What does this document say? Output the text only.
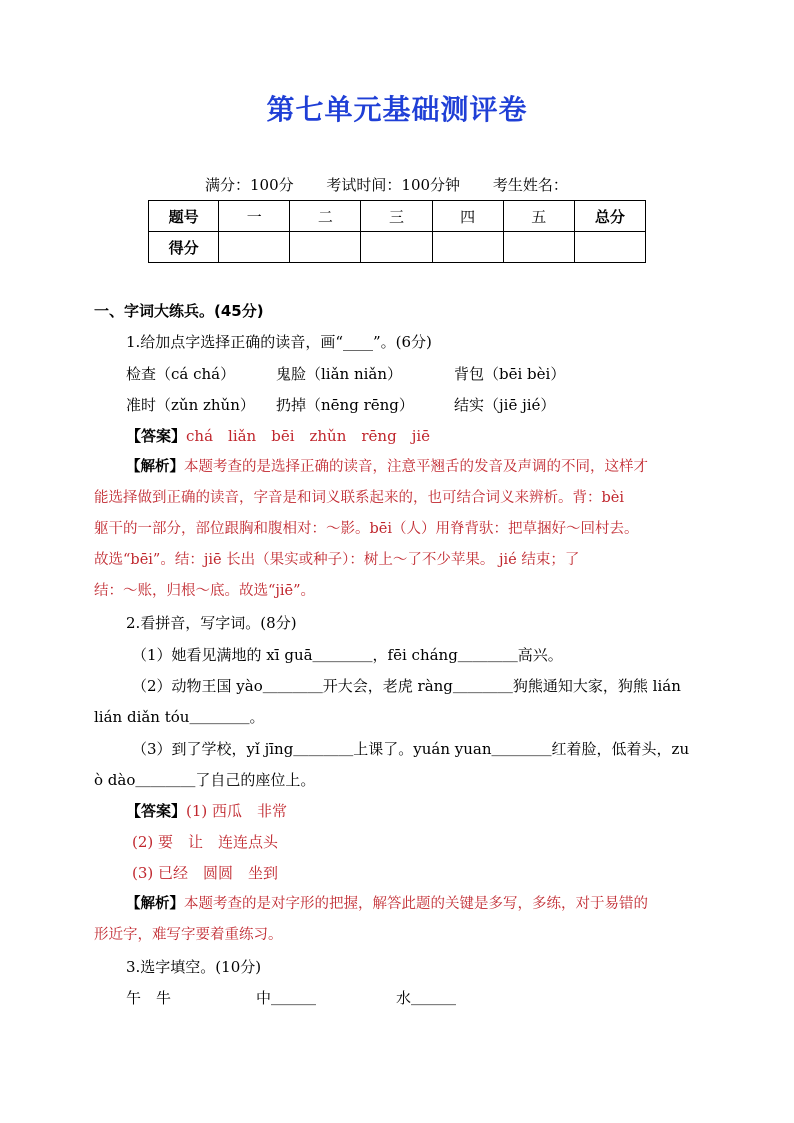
第七单元基础测评卷
满分：100分 考试时间：100分钟 考生姓名：
题号	一	二	三	四	五	总分
得分						
一、字词大练兵。(45分)
1.给加点字选择正确的读音，画“____”。(6分)
检查（cá chá）	鬼脸（liǎn niǎn）	背包（bēi bèi）
准时（zǔn zhǔn） 扔掉（nēng rēng）	结实（jiē jié）
【答案】chá　liǎn　bēi　zhǔn　rēng　jiē
【解析】本题考查的是选择正确的读音，注意平翘舌的发音及声调的不同，这样才
能选择做到正确的读音，字音是和词义联系起来的，也可结合词义来辨析。背：bèi
躯干的一部分，部位跟胸和腹相对：～影。bēi（人）用脊背驮：把草捆好～回村去。
故选“bēi”。结：jiē 长出（果实或种子）：树上～了不少苹果。 jié 结束；了
结：～账，归根～底。故选“jiē”。
2.看拼音，写字词。(8分)
（1）她看见满地的 xī guā＿＿＿＿，fēi cháng＿＿＿＿高兴。
（2）动物王国 yào＿＿＿＿开大会，老虎 ràng＿＿＿＿狗熊通知大家，狗熊 lián
lián diǎn tóu＿＿＿＿。
（3）到了学校，yǐ jīng＿＿＿＿上课了。yuán yuan＿＿＿＿红着脸，低着头，zu
ò dào＿＿＿＿了自己的座位上。
【答案】(1) 西瓜　非常
(2) 要　让　连连点头
(3) 已经　圆圆　坐到
【解析】本题考查的是对字形的把握，解答此题的关键是多写，多练，对于易错的
形近字，难写字要着重练习。
3.选字填空。(10分)
午　牛	中＿＿＿	水＿＿＿
